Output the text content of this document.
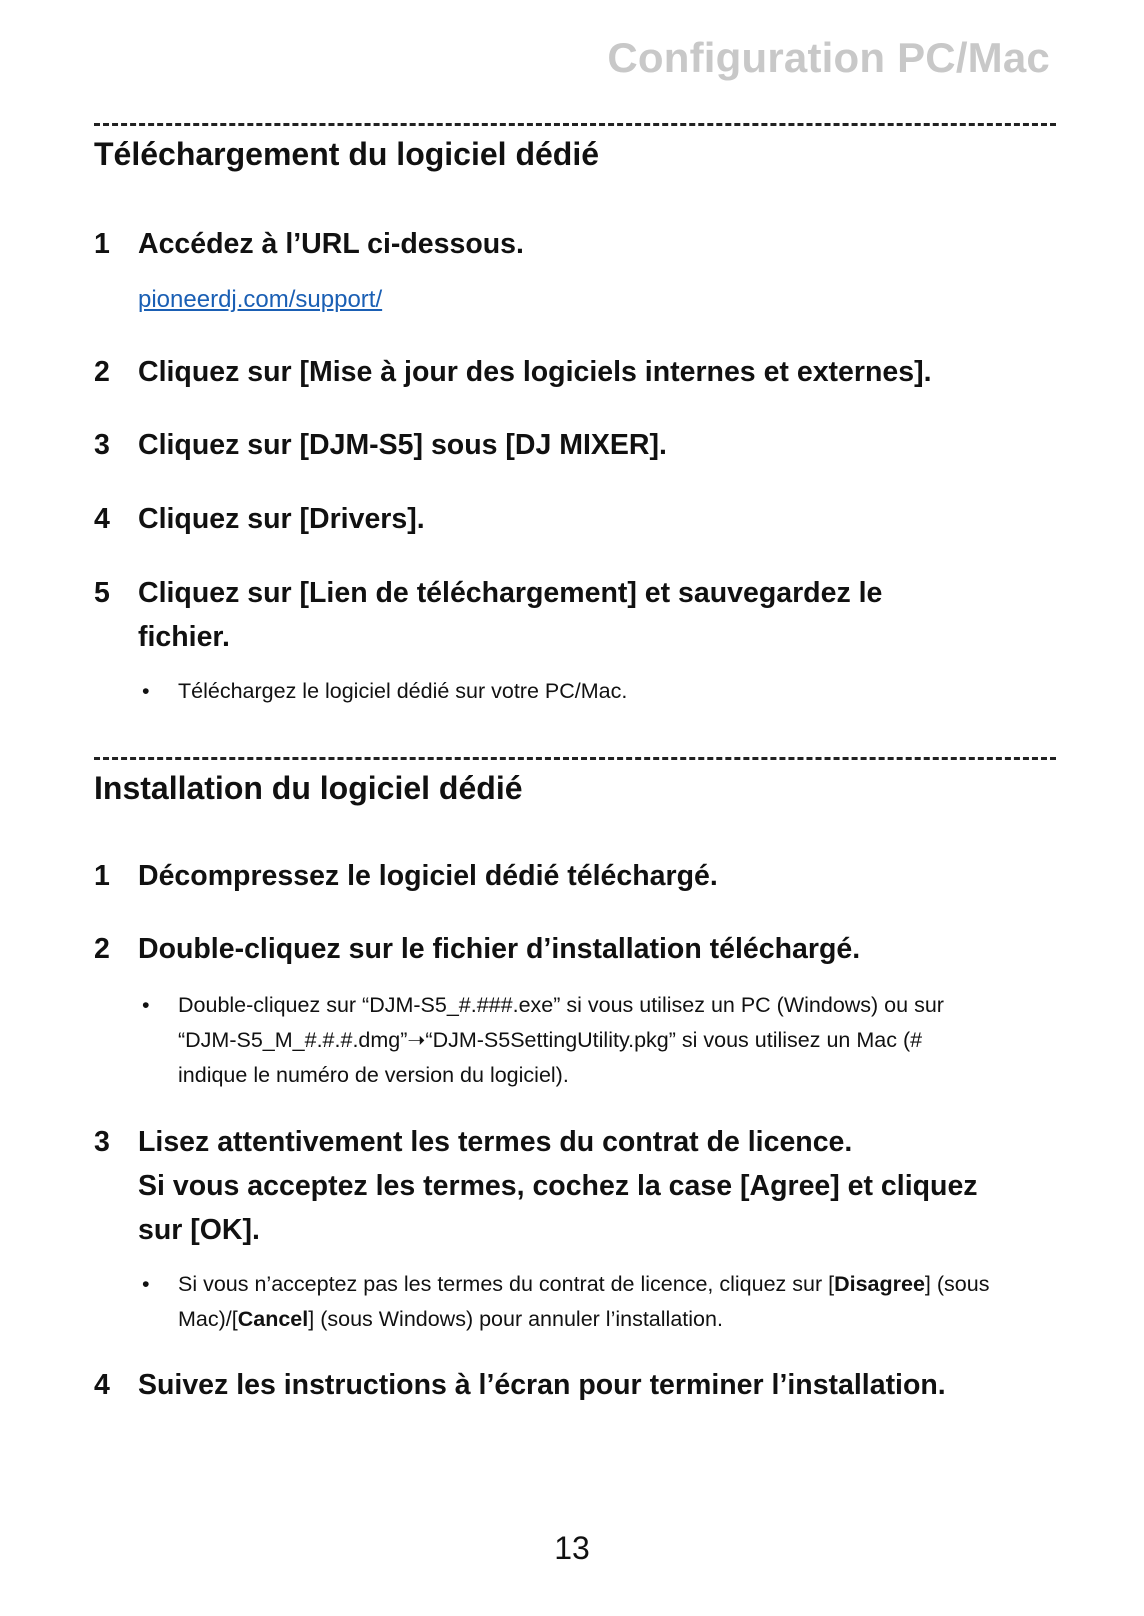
Configuration PC/Mac
Téléchargement du logiciel dédié
1 Accédez à l’URL ci-dessous.
pioneerdj.com/support/
2 Cliquez sur [Mise à jour des logiciels internes et externes].
3 Cliquez sur [DJM-S5] sous [DJ MIXER].
4 Cliquez sur [Drivers].
5 Cliquez sur [Lien de téléchargement] et sauvegardez le
fichier.
• Téléchargez le logiciel dédié sur votre PC/Mac.
Installation du logiciel dédié
1 Décompressez le logiciel dédié téléchargé.
2 Double-cliquez sur le fichier d’installation téléchargé.
• Double-cliquez sur “DJM-S5_#.###.exe” si vous utilisez un PC (Windows) ou sur
“DJM-S5_M_#.#.#.dmg”➝“DJM-S5SettingUtility.pkg” si vous utilisez un Mac (#
indique le numéro de version du logiciel).
3 Lisez attentivement les termes du contrat de licence.
Si vous acceptez les termes, cochez la case [Agree] et cliquez
sur [OK].
• Si vous n’acceptez pas les termes du contrat de licence, cliquez sur [Disagree] (sous
Mac)/[Cancel] (sous Windows) pour annuler l’installation.
4 Suivez les instructions à l’écran pour terminer l’installation.
13
